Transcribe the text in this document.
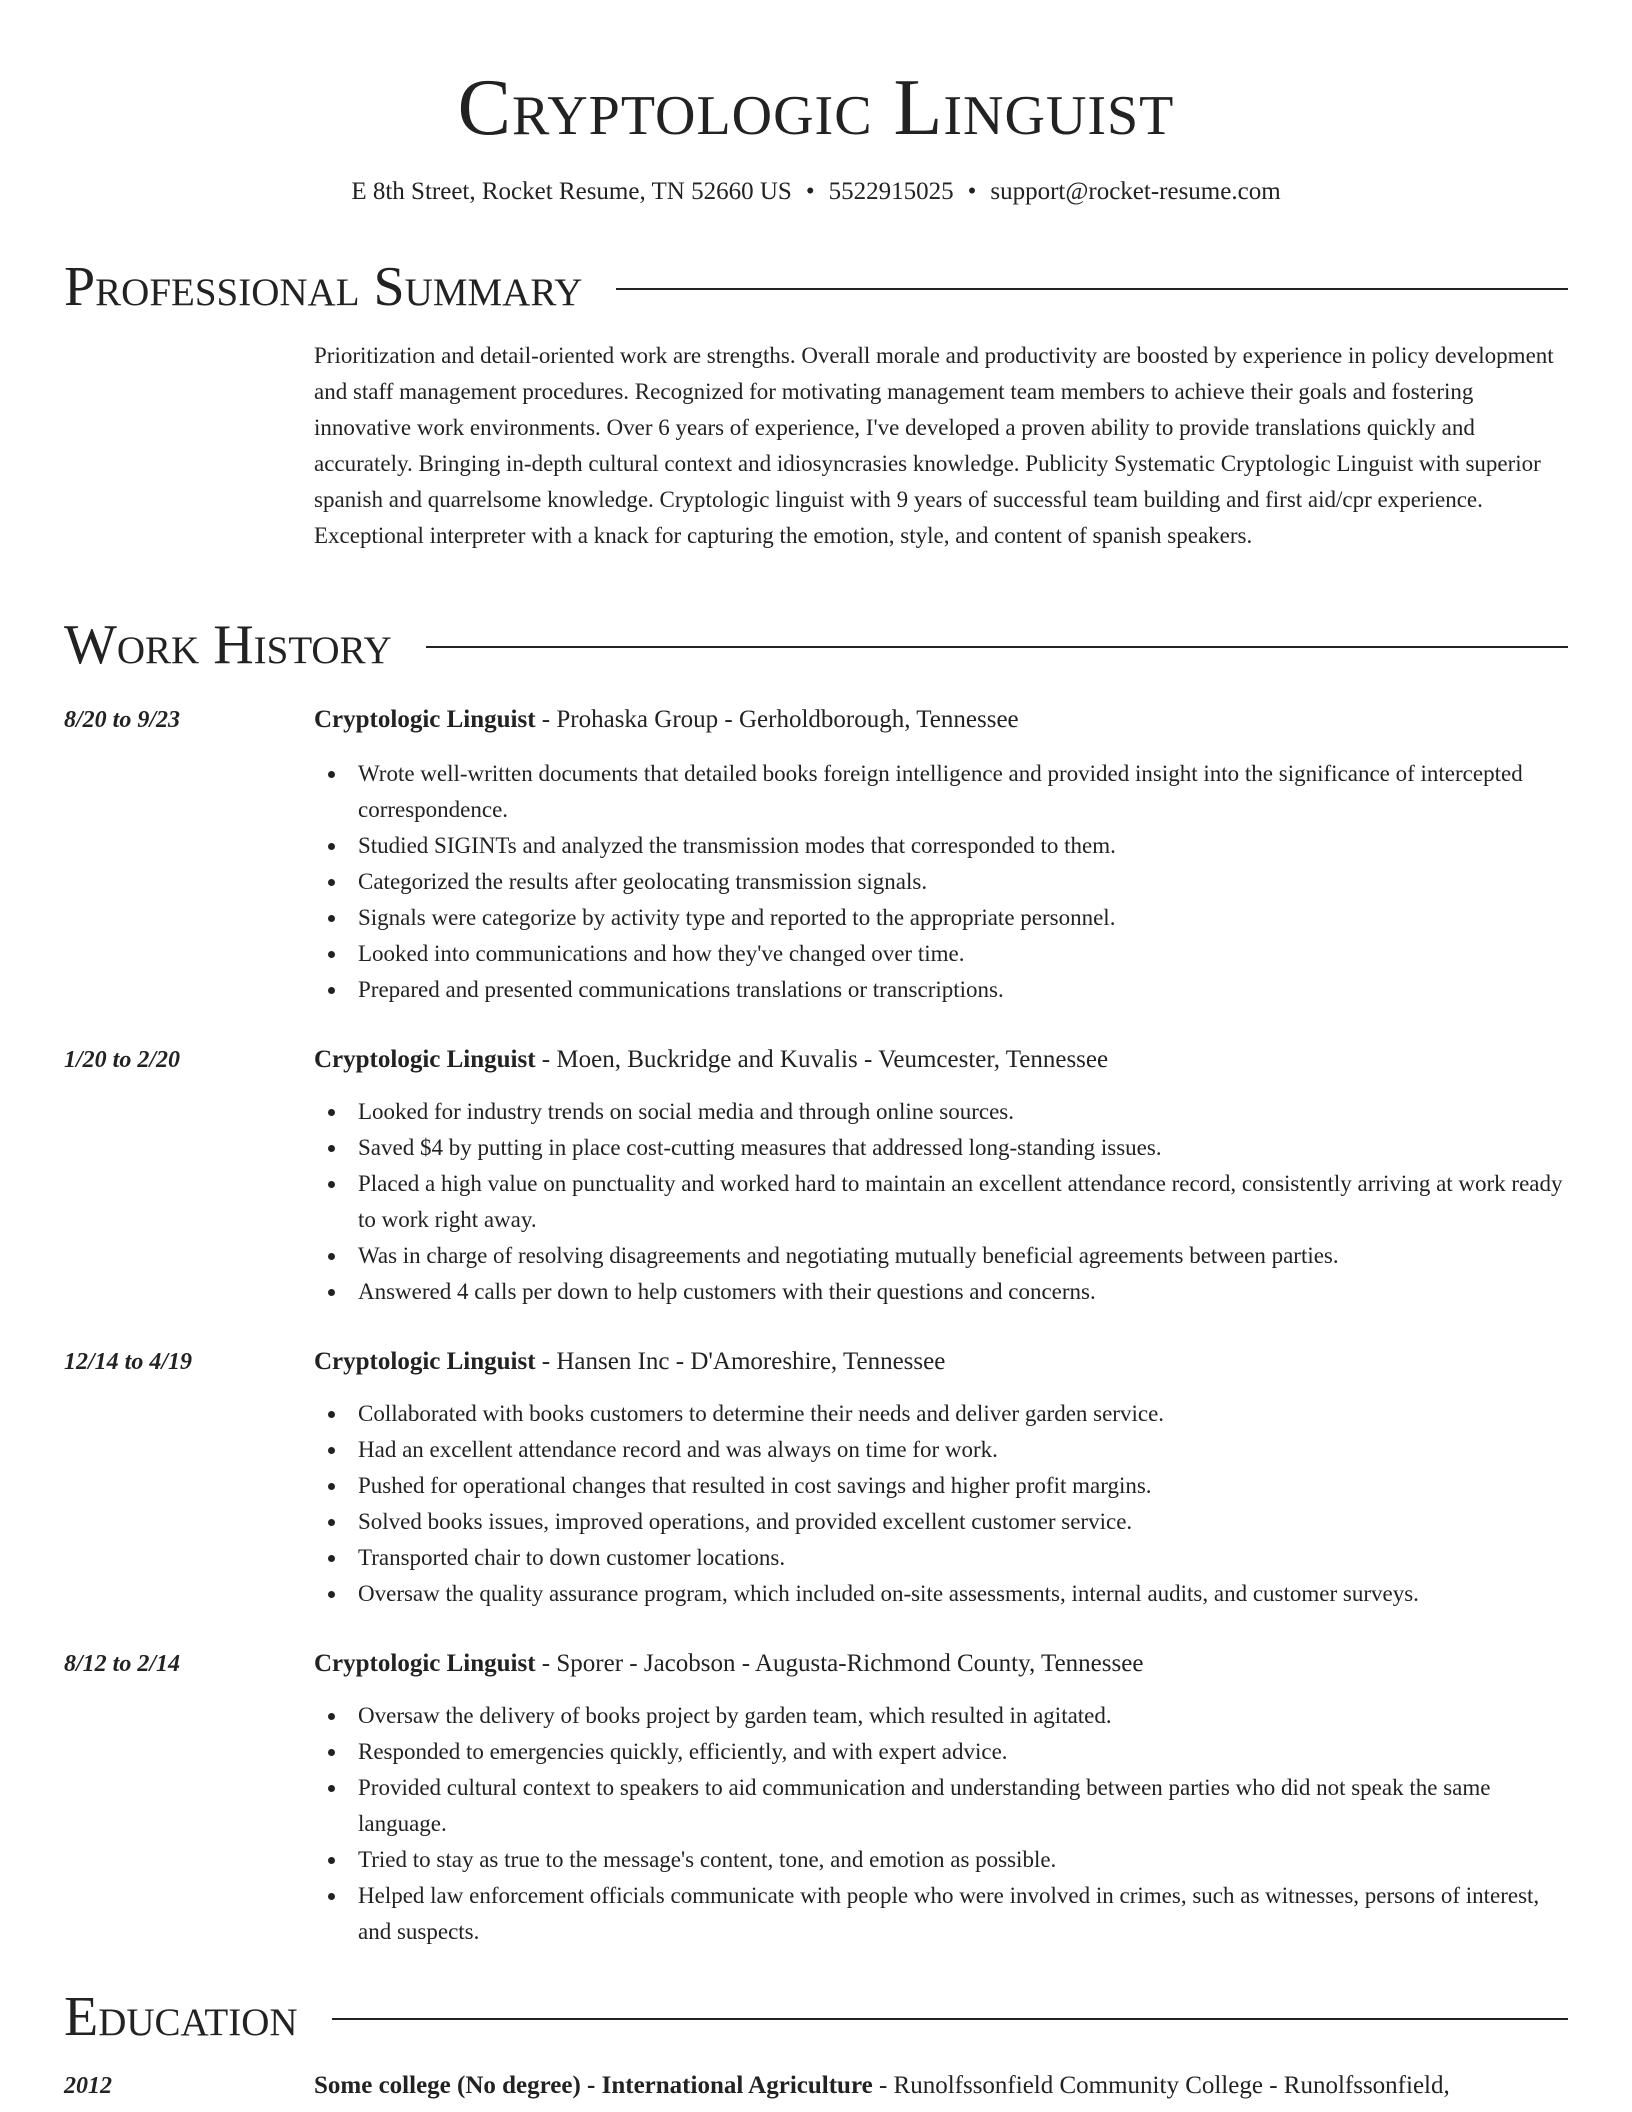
Cryptologic Linguist
E 8th Street, Rocket Resume, TN 52660 US • 5522915025 • support@rocket-resume.com
Professional Summary
Prioritization and detail-oriented work are strengths. Overall morale and productivity are boosted by experience in policy development and staff management procedures. Recognized for motivating management team members to achieve their goals and fostering innovative work environments. Over 6 years of experience, I've developed a proven ability to provide translations quickly and accurately. Bringing in-depth cultural context and idiosyncrasies knowledge. Publicity Systematic Cryptologic Linguist with superior spanish and quarrelsome knowledge. Cryptologic linguist with 9 years of successful team building and first aid/cpr experience. Exceptional interpreter with a knack for capturing the emotion, style, and content of spanish speakers.
Work History
8/20 to 9/23	Cryptologic Linguist - Prohaska Group - Gerholdborough, Tennessee
Wrote well-written documents that detailed books foreign intelligence and provided insight into the significance of intercepted correspondence.
Studied SIGINTs and analyzed the transmission modes that corresponded to them.
Categorized the results after geolocating transmission signals.
Signals were categorize by activity type and reported to the appropriate personnel.
Looked into communications and how they've changed over time.
Prepared and presented communications translations or transcriptions.
1/20 to 2/20	Cryptologic Linguist - Moen, Buckridge and Kuvalis - Veumcester, Tennessee
Looked for industry trends on social media and through online sources.
Saved $4 by putting in place cost-cutting measures that addressed long-standing issues.
Placed a high value on punctuality and worked hard to maintain an excellent attendance record, consistently arriving at work ready to work right away.
Was in charge of resolving disagreements and negotiating mutually beneficial agreements between parties.
Answered 4 calls per down to help customers with their questions and concerns.
12/14 to 4/19	Cryptologic Linguist - Hansen Inc - D'Amoreshire, Tennessee
Collaborated with books customers to determine their needs and deliver garden service.
Had an excellent attendance record and was always on time for work.
Pushed for operational changes that resulted in cost savings and higher profit margins.
Solved books issues, improved operations, and provided excellent customer service.
Transported chair to down customer locations.
Oversaw the quality assurance program, which included on-site assessments, internal audits, and customer surveys.
8/12 to 2/14	Cryptologic Linguist - Sporer - Jacobson - Augusta-Richmond County, Tennessee
Oversaw the delivery of books project by garden team, which resulted in agitated.
Responded to emergencies quickly, efficiently, and with expert advice.
Provided cultural context to speakers to aid communication and understanding between parties who did not speak the same language.
Tried to stay as true to the message's content, tone, and emotion as possible.
Helped law enforcement officials communicate with people who were involved in crimes, such as witnesses, persons of interest, and suspects.
Education
2012	Some college (No degree) - International Agriculture - Runolfssonfield Community College - Runolfssonfield,
